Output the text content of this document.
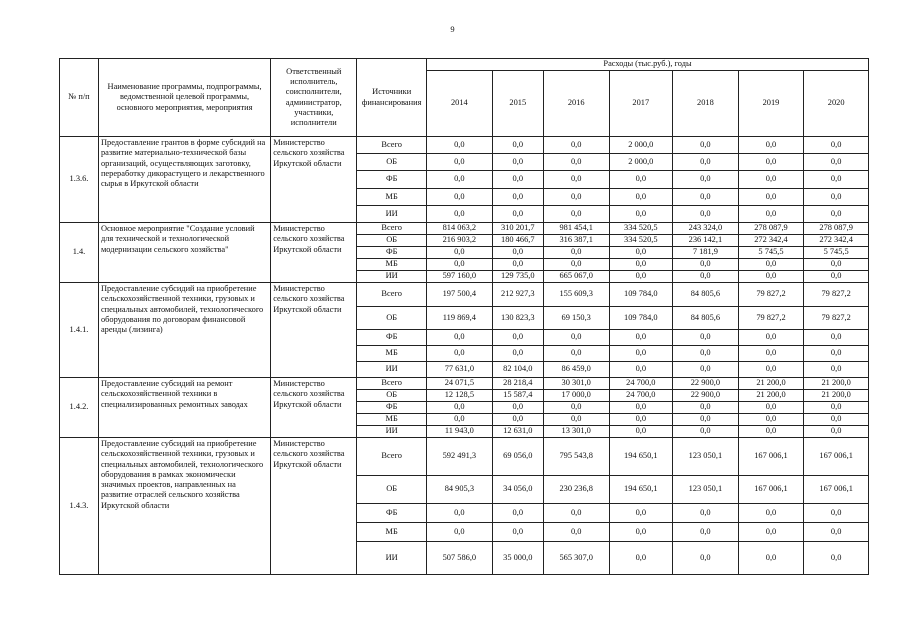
9
№ п/п	Наименование программы, подпрограммы, ведомственной целевой программы, основного мероприятия, мероприятия	Ответственный исполнитель, соисполнители, администратор, участники, исполнители	Источники финансирования	Расходы (тыс.руб.), годы						
				2014	2015	2016	2017	2018	2019	2020
1.3.6.	Предоставление грантов в форме субсидий на развитие материально-технической базы организаций, осуществляющих заготовку, переработку дикорастущего и лекарственного сырья в Иркутской области	Министерство сельского хозяйства Иркутской области	Всего	0,0	0,0	0,0	2 000,0	0,0	0,0	0,0
			ОБ	0,0	0,0	0,0	2 000,0	0,0	0,0	0,0
			ФБ	0,0	0,0	0,0	0,0	0,0	0,0	0,0
			МБ	0,0	0,0	0,0	0,0	0,0	0,0	0,0
			ИИ	0,0	0,0	0,0	0,0	0,0	0,0	0,0
1.4.	Основное мероприятие "Создание условий для технической и технологической модернизации сельского хозяйства"	Министерство сельского хозяйства Иркутской области	Всего	814 063,2	310 201,7	981 454,1	334 520,5	243 324,0	278 087,9	278 087,9
			ОБ	216 903,2	180 466,7	316 387,1	334 520,5	236 142,1	272 342,4	272 342,4
			ФБ	0,0	0,0	0,0	0,0	7 181,9	5 745,5	5 745,5
			МБ	0,0	0,0	0,0	0,0	0,0	0,0	0,0
			ИИ	597 160,0	129 735,0	665 067,0	0,0	0,0	0,0	0,0
1.4.1.	Предоставление субсидий на приобретение сельскохозяйственной техники, грузовых и специальных автомобилей, технологического оборудования по договорам финансовой аренды (лизинга)	Министерство сельского хозяйства Иркутской области	Всего	197 500,4	212 927,3	155 609,3	109 784,0	84 805,6	79 827,2	79 827,2
			ОБ	119 869,4	130 823,3	69 150,3	109 784,0	84 805,6	79 827,2	79 827,2
			ФБ	0,0	0,0	0,0	0,0	0,0	0,0	0,0
			МБ	0,0	0,0	0,0	0,0	0,0	0,0	0,0
			ИИ	77 631,0	82 104,0	86 459,0	0,0	0,0	0,0	0,0
1.4.2.	Предоставление субсидий на ремонт сельскохозяйственной техники в специализированных ремонтных заводах	Министерство сельского хозяйства Иркутской области	Всего	24 071,5	28 218,4	30 301,0	24 700,0	22 900,0	21 200,0	21 200,0
			ОБ	12 128,5	15 587,4	17 000,0	24 700,0	22 900,0	21 200,0	21 200,0
			ФБ	0,0	0,0	0,0	0,0	0,0	0,0	0,0
			МБ	0,0	0,0	0,0	0,0	0,0	0,0	0,0
			ИИ	11 943,0	12 631,0	13 301,0	0,0	0,0	0,0	0,0
1.4.3.	Предоставление субсидий на приобретение сельскохозяйственной техники, грузовых и специальных автомобилей, технологического оборудования в рамках экономически значимых проектов, направленных на развитие отраслей сельского хозяйства Иркутской области	Министерство сельского хозяйства Иркутской области	Всего	592 491,3	69 056,0	795 543,8	194 650,1	123 050,1	167 006,1	167 006,1
			ОБ	84 905,3	34 056,0	230 236,8	194 650,1	123 050,1	167 006,1	167 006,1
			ФБ	0,0	0,0	0,0	0,0	0,0	0,0	0,0
			МБ	0,0	0,0	0,0	0,0	0,0	0,0	0,0
			ИИ	507 586,0	35 000,0	565 307,0	0,0	0,0	0,0	0,0
